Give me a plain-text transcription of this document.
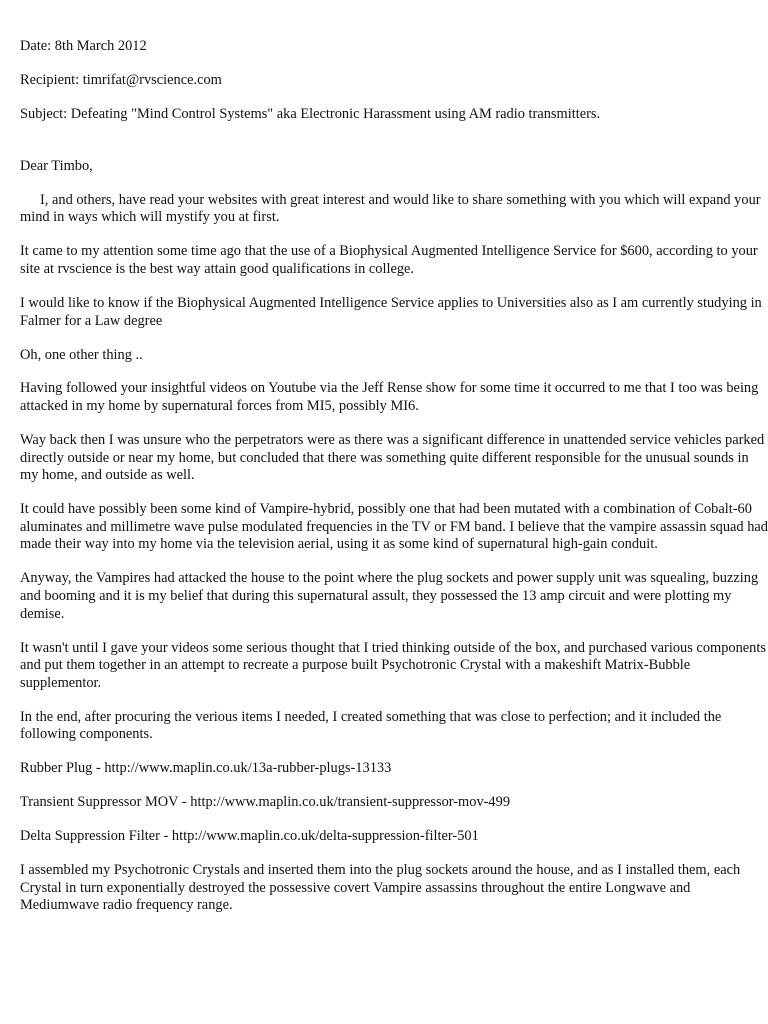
Date: 8th March 2012
Recipient: timrifat@rvscience.com
Subject: Defeating "Mind Control Systems" aka Electronic Harassment using AM radio transmitters.
Dear Timbo,

I, and others, have read your websites with great interest and would like to share something with you which will expand your mind in ways which will mystify you at first.

It came to my attention some time ago that the use of a Biophysical Augmented Intelligence Service for $600, according to your site at rvscience is the best way attain good qualifications in college.

I would like to know if the Biophysical Augmented Intelligence Service applies to Universities also as I am currently studying in Falmer for a Law degree

Oh, one other thing ..

Having followed your insightful videos on Youtube via the Jeff Rense show for some time it occurred to me that I too was being attacked in my home by supernatural forces from MI5, possibly MI6.

Way back then I was unsure who the perpetrators were as there was a significant difference in unattended service vehicles parked directly outside or near my home, but concluded that there was something quite different responsible for the unusual sounds in my home, and outside as well.

It could have possibly been some kind of Vampire-hybrid, possibly one that had been mutated with a combination of Cobalt-60 aluminates and millimetre wave pulse modulated frequencies in the TV or FM band. I believe that the vampire assassin squad had made their way into my home via the television aerial, using it as some kind of supernatural high-gain conduit.

Anyway, the Vampires had attacked the house to the point where the plug sockets and power supply unit was squealing, buzzing and booming and it is my belief that during this supernatural assult, they possessed the 13 amp circuit and were plotting my demise.

It wasn't until I gave your videos some serious thought that I tried thinking outside of the box, and purchased various components and put them together in an attempt to recreate a purpose built Psychotronic Crystal with a makeshift Matrix-Bubble supplementor.

In the end, after procuring the verious items I needed, I created something that was close to perfection; and it included the following components.

Rubber Plug - http://www.maplin.co.uk/13a-rubber-plugs-13133
Transient Suppressor MOV - http://www.maplin.co.uk/transient-suppressor-mov-499
Delta Suppression Filter - http://www.maplin.co.uk/delta-suppression-filter-501

I assembled my Psychotronic Crystals and inserted them into the plug sockets around the house, and as I installed them, each Crystal in turn exponentially destroyed the possessive covert Vampire assassins throughout the entire Longwave and Mediumwave radio frequency range.
